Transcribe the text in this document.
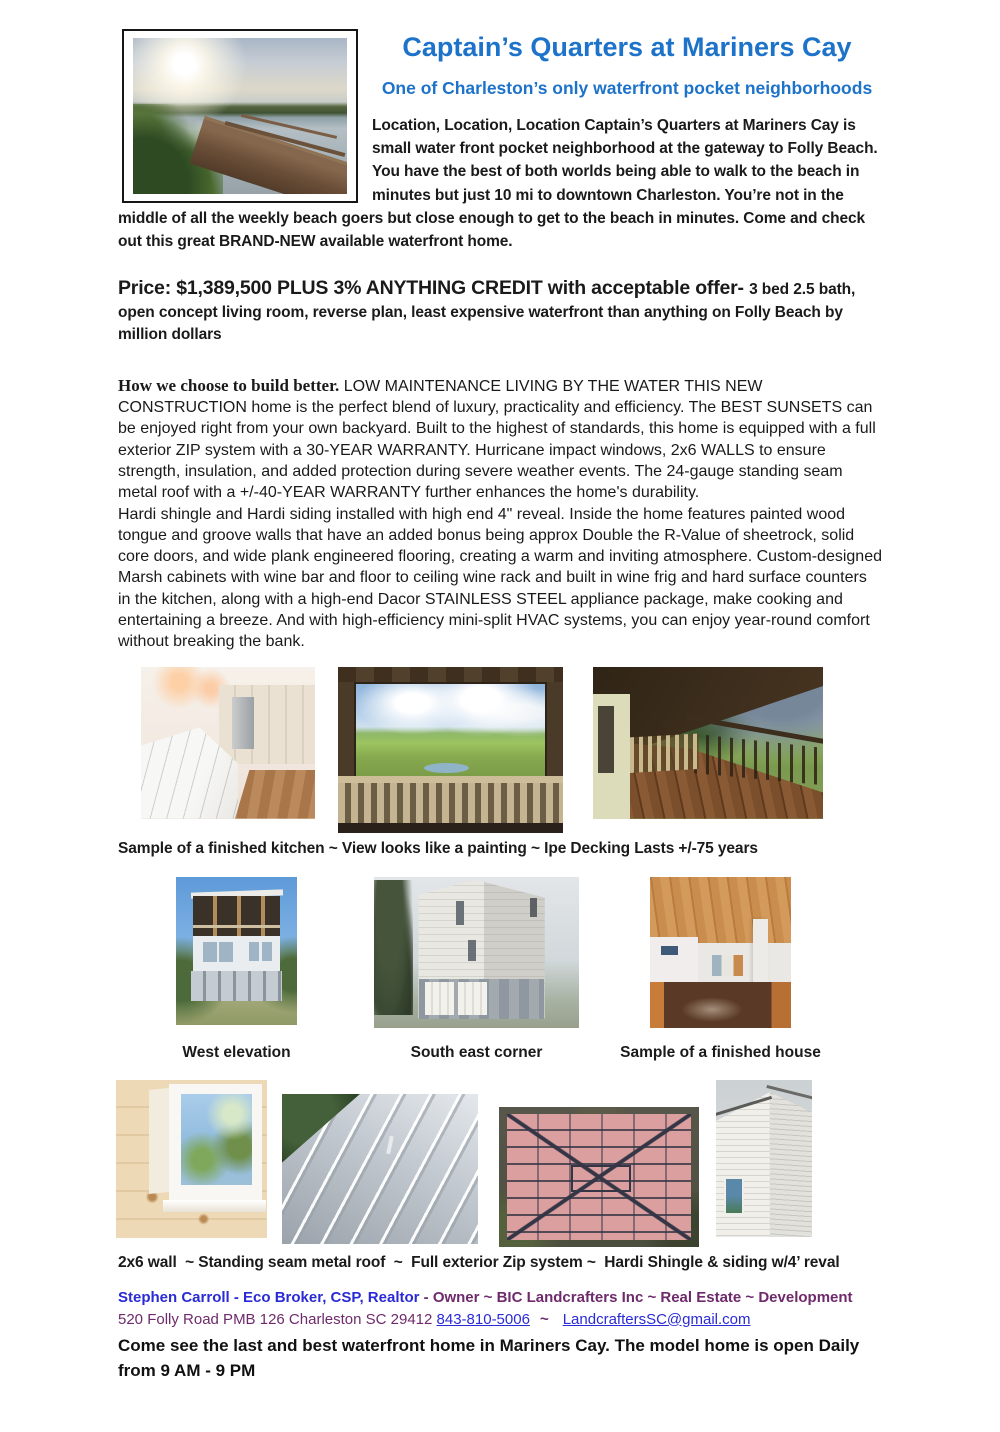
Captain’s Quarters at Mariners Cay
One of Charleston’s only waterfront pocket neighborhoods

Location, Location, Location Captain’s Quarters at Mariners Cay is small water front pocket neighborhood at the gateway to Folly Beach. You have the best of both worlds being able to walk to the beach in minutes but just 10 mi to downtown Charleston. You’re not in the middle of all the weekly beach goers but close enough to get to the beach in minutes. Come and check out this great BRAND-NEW available waterfront home.

Price: $1,389,500 PLUS 3% ANYTHING CREDIT with acceptable offer- 3 bed 2.5 bath, open concept living room, reverse plan, least expensive waterfront than anything on Folly Beach by million dollars

How we choose to build better. LOW MAINTENANCE LIVING BY THE WATER THIS NEW CONSTRUCTION home is the perfect blend of luxury, practicality and efficiency. The BEST SUNSETS can be enjoyed right from your own backyard. Built to the highest of standards, this home is equipped with a full exterior ZIP system with a 30-YEAR WARRANTY. Hurricane impact windows, 2x6 WALLS to ensure strength, insulation, and added protection during severe weather events. The 24-gauge standing seam metal roof with a +/-40-YEAR WARRANTY further enhances the home's durability.

Hardi shingle and Hardi siding installed with high end 4" reveal. Inside the home features painted wood tongue and groove walls that have an added bonus being approx Double the R-Value of sheetrock, solid core doors, and wide plank engineered flooring, creating a warm and inviting atmosphere. Custom-designed Marsh cabinets with wine bar and floor to ceiling wine rack and built in wine frig and hard surface counters in the kitchen, along with a high-end Dacor STAINLESS STEEL appliance package, make cooking and entertaining a breeze. And with high-efficiency mini-split HVAC systems, you can enjoy year-round comfort without breaking the bank.

Sample of a finished kitchen ~ View looks like a painting ~ Ipe Decking Lasts +/-75 years

West elevation	South east corner	Sample of a finished house

2x6 wall  ~ Standing seam metal roof  ~  Full exterior Zip system ~  Hardi Shingle & siding w/4’ reval

Stephen Carroll - Eco Broker, CSP, Realtor - Owner ~ BIC Landcrafters Inc ~ Real Estate ~ Development

520 Folly Road PMB 126 Charleston SC 29412 843-810-5006 ~ LandcraftersSC@gmail.com

Come see the last and best waterfront home in Mariners Cay. The model home is open Daily from 9 AM - 9 PM
